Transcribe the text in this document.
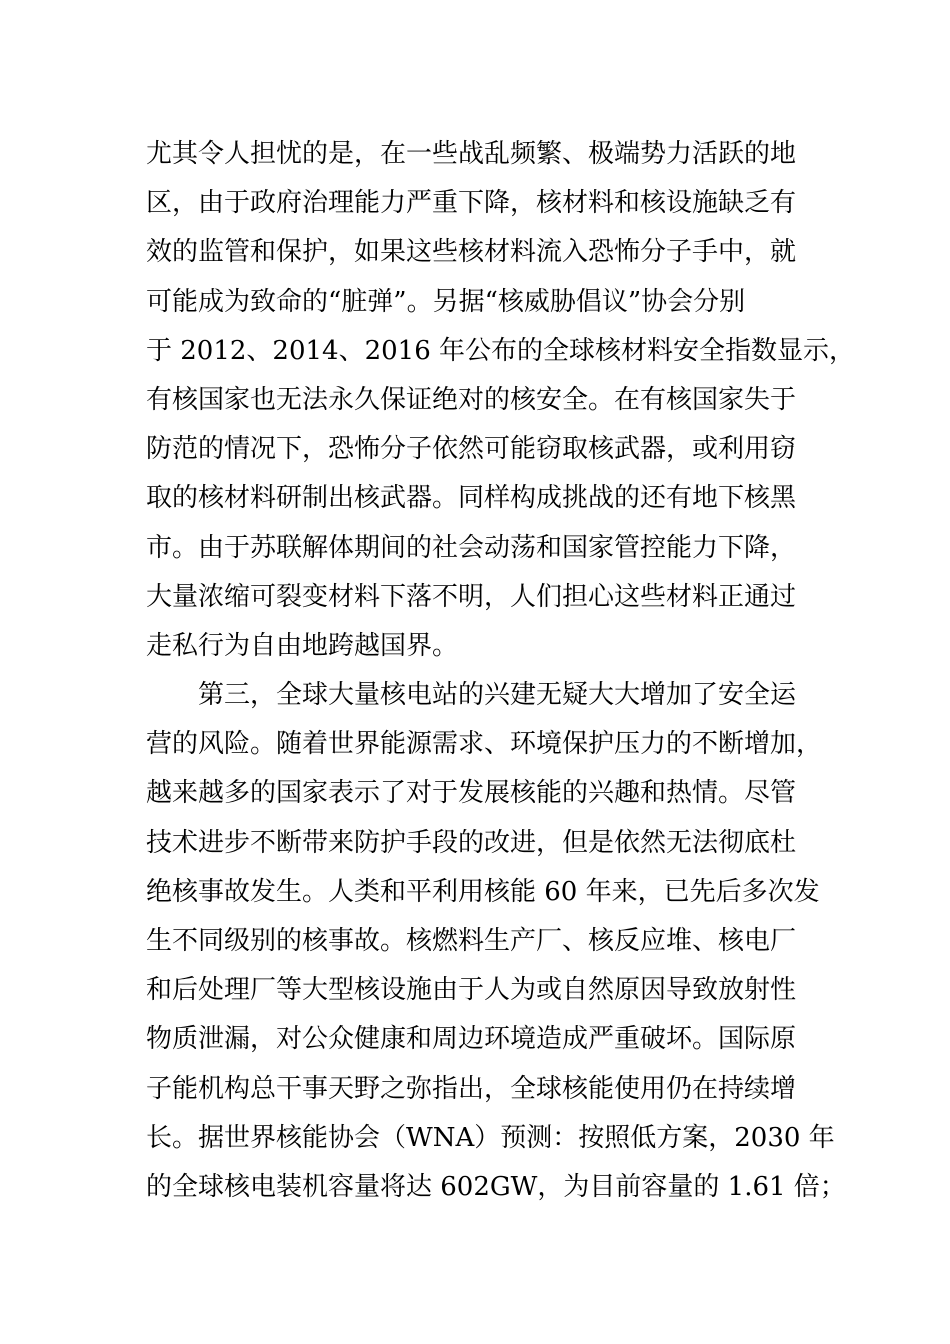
尤其令人担忧的是，在一些战乱频繁、极端势力活跃的地
区，由于政府治理能力严重下降，核材料和核设施缺乏有
效的监管和保护，如果这些核材料流入恐怖分子手中，就
可能成为致命的“脏弹”。另据“核威胁倡议”协会分别
于 2012、2014、2016 年公布的全球核材料安全指数显示，
有核国家也无法永久保证绝对的核安全。在有核国家失于
防范的情况下，恐怖分子依然可能窃取核武器，或利用窃
取的核材料研制出核武器。同样构成挑战的还有地下核黑
市。由于苏联解体期间的社会动荡和国家管控能力下降，
大量浓缩可裂变材料下落不明，人们担心这些材料正通过
走私行为自由地跨越国界。
第三，全球大量核电站的兴建无疑大大增加了安全运
营的风险。随着世界能源需求、环境保护压力的不断增加，
越来越多的国家表示了对于发展核能的兴趣和热情。尽管
技术进步不断带来防护手段的改进，但是依然无法彻底杜
绝核事故发生。人类和平利用核能 60 年来，已先后多次发
生不同级别的核事故。核燃料生产厂、核反应堆、核电厂
和后处理厂等大型核设施由于人为或自然原因导致放射性
物质泄漏，对公众健康和周边环境造成严重破坏。国际原
子能机构总干事天野之弥指出，全球核能使用仍在持续增
长。据世界核能协会（WNA）预测：按照低方案，2030 年
的全球核电装机容量将达 602GW，为目前容量的 1.61 倍；
